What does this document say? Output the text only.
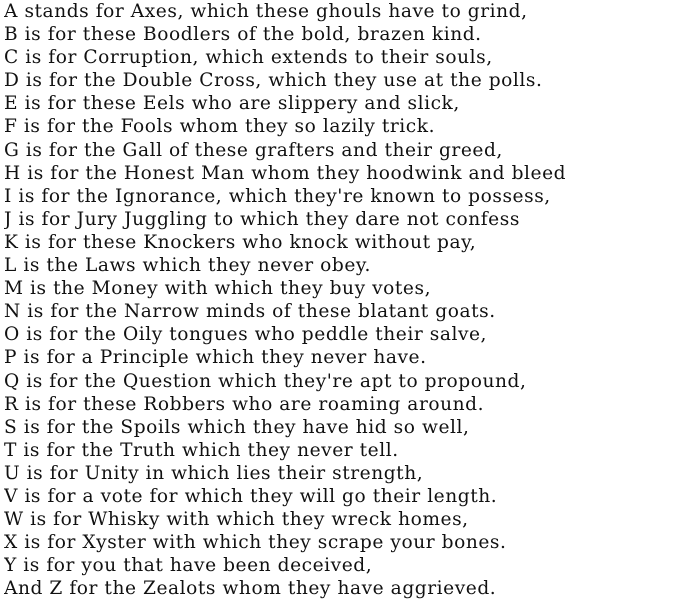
A stands for Axes, which these ghouls have to grind,
B is for these Boodlers of the bold, brazen kind.
C is for Corruption, which extends to their souls,
D is for the Double Cross, which they use at the polls.
E is for these Eels who are slippery and slick,
F is for the Fools whom they so lazily trick.
G is for the Gall of these grafters and their greed,
H is for the Honest Man whom they hoodwink and bleed
I is for the Ignorance, which they're known to possess,
J is for Jury Juggling to which they dare not confess
K is for these Knockers who knock without pay,
L is the Laws which they never obey.
M is the Money with which they buy votes,
N is for the Narrow minds of these blatant goats.
O is for the Oily tongues who peddle their salve,
P is for a Principle which they never have.
Q is for the Question which they're apt to propound,
R is for these Robbers who are roaming around.
S is for the Spoils which they have hid so well,
T is for the Truth which they never tell.
U is for Unity in which lies their strength,
V is for a vote for which they will go their length.
W is for Whisky with which they wreck homes,
X is for Xyster with which they scrape your bones.
Y is for you that have been deceived,
And Z for the Zealots whom they have aggrieved.
